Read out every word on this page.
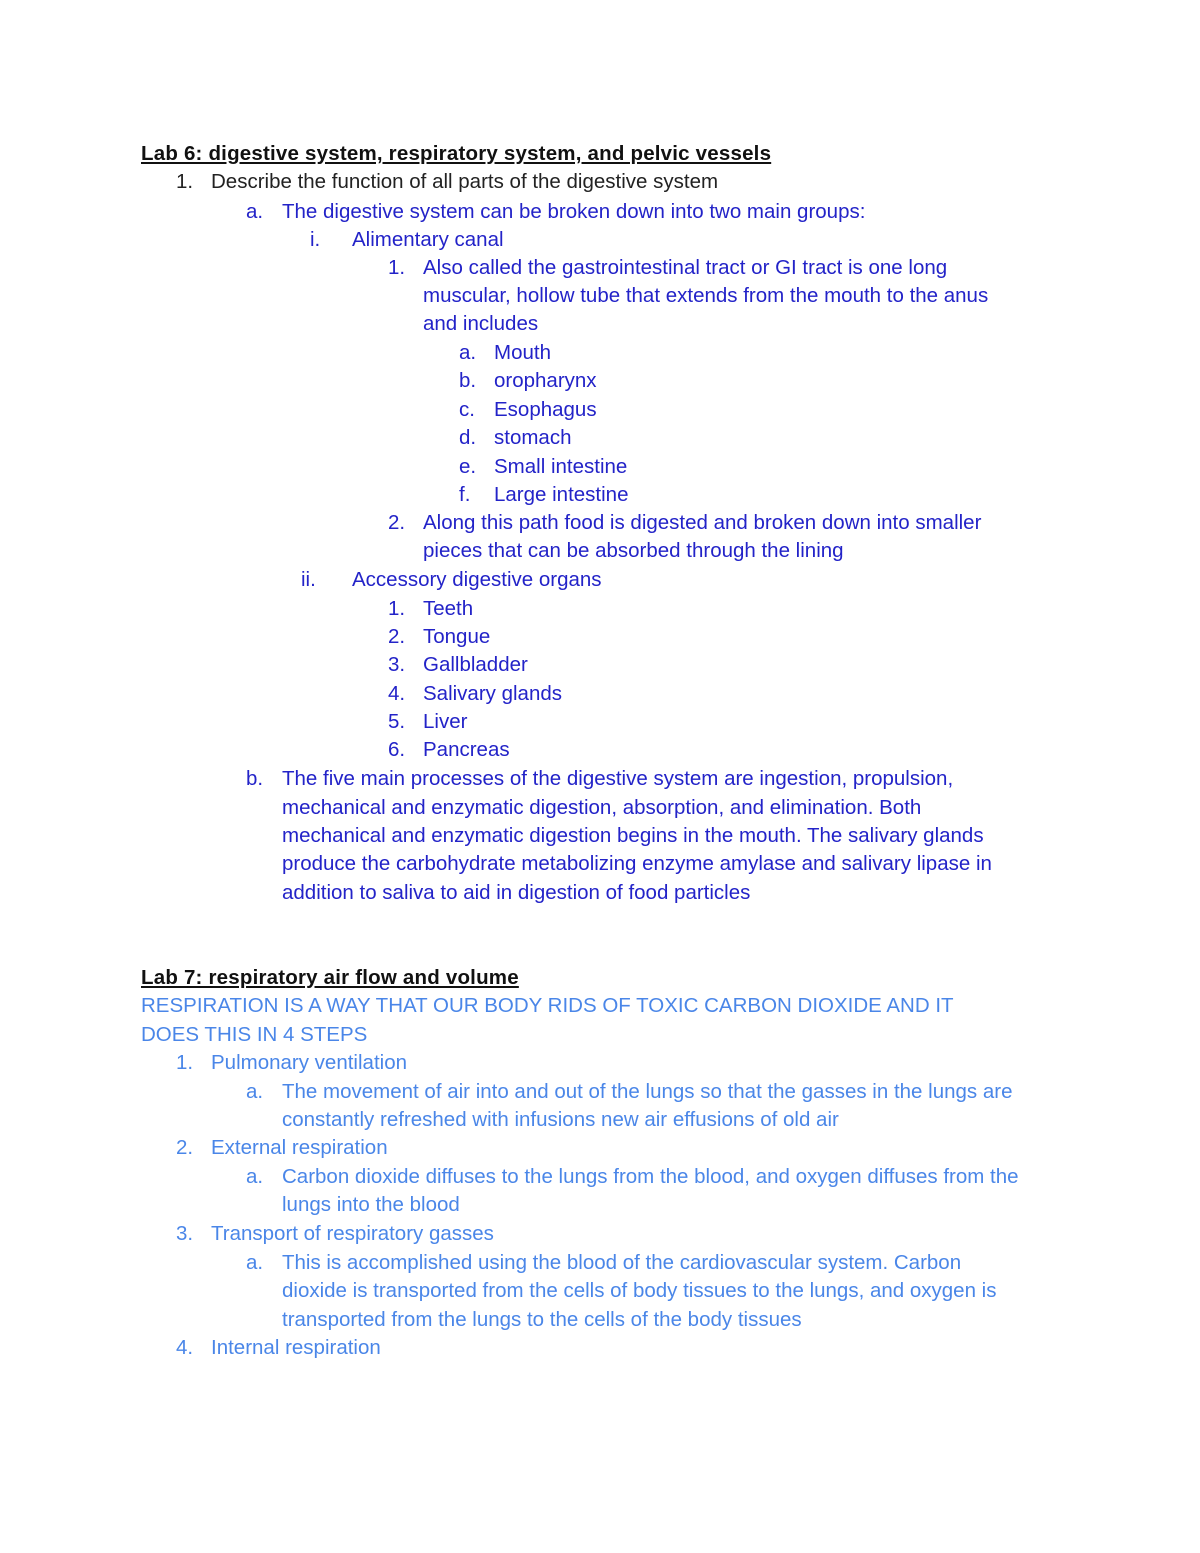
Lab 6: digestive system, respiratory system, and pelvic vessels
1. Describe the function of all parts of the digestive system
a. The digestive system can be broken down into two main groups:
i. Alimentary canal
1. Also called the gastrointestinal tract or GI tract is one long
muscular, hollow tube that extends from the mouth to the anus
and includes
a. Mouth
b. oropharynx
c. Esophagus
d. stomach
e. Small intestine
f. Large intestine
2. Along this path food is digested and broken down into smaller
pieces that can be absorbed through the lining
ii. Accessory digestive organs
1. Teeth
2. Tongue
3. Gallbladder
4. Salivary glands
5. Liver
6. Pancreas
b. The five main processes of the digestive system are ingestion, propulsion,
mechanical and enzymatic digestion, absorption, and elimination. Both
mechanical and enzymatic digestion begins in the mouth. The salivary glands
produce the carbohydrate metabolizing enzyme amylase and salivary lipase in
addition to saliva to aid in digestion of food particles
Lab 7: respiratory air flow and volume
RESPIRATION IS A WAY THAT OUR BODY RIDS OF TOXIC CARBON DIOXIDE AND IT
DOES THIS IN 4 STEPS
1. Pulmonary ventilation
a. The movement of air into and out of the lungs so that the gasses in the lungs are
constantly refreshed with infusions new air effusions of old air
2. External respiration
a. Carbon dioxide diffuses to the lungs from the blood, and oxygen diffuses from the
lungs into the blood
3. Transport of respiratory gasses
a. This is accomplished using the blood of the cardiovascular system. Carbon
dioxide is transported from the cells of body tissues to the lungs, and oxygen is
transported from the lungs to the cells of the body tissues
4. Internal respiration
